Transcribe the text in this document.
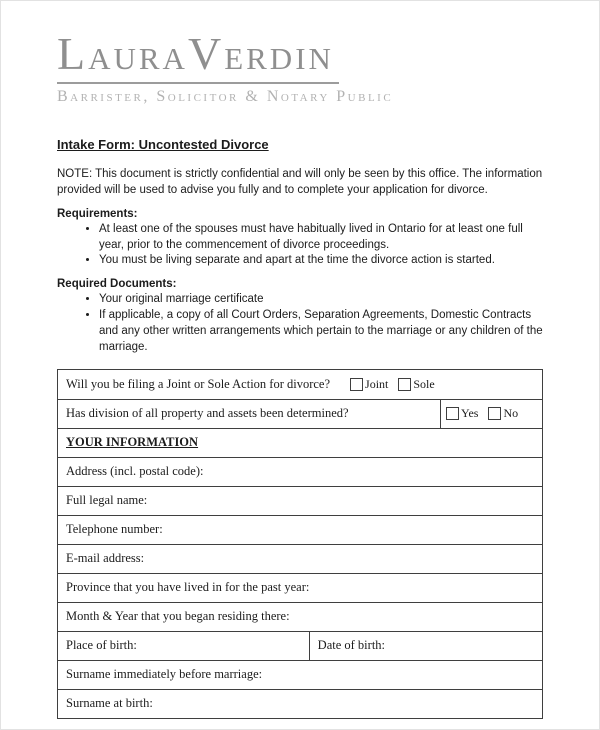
LAURAVERDIN
Barrister, Solicitor & Notary Public
Intake Form: Uncontested Divorce

NOTE: This document is strictly confidential and will only be seen by this office. The information provided will be used to advise you fully and to complete your application for divorce.

Requirements:
• At least one of the spouses must have habitually lived in Ontario for at least one full year, prior to the commencement of divorce proceedings.
• You must be living separate and apart at the time the divorce action is started.
Required Documents:
• Your original marriage certificate
• If applicable, a copy of all Court Orders, Separation Agreements, Domestic Contracts and any other written arrangements which pertain to the marriage or any children of the marriage.
Will you be filing a Joint or Sole Action for divorce?	Joint Sole
Has division of all property and assets been determined?	Yes No
YOUR INFORMATION
Address (incl. postal code):
Full legal name:
Telephone number:
E-mail address:
Province that you have lived in for the past year:
Month & Year that you began residing there:
Place of birth:	Date of birth:
Surname immediately before marriage:
Surname at birth:
